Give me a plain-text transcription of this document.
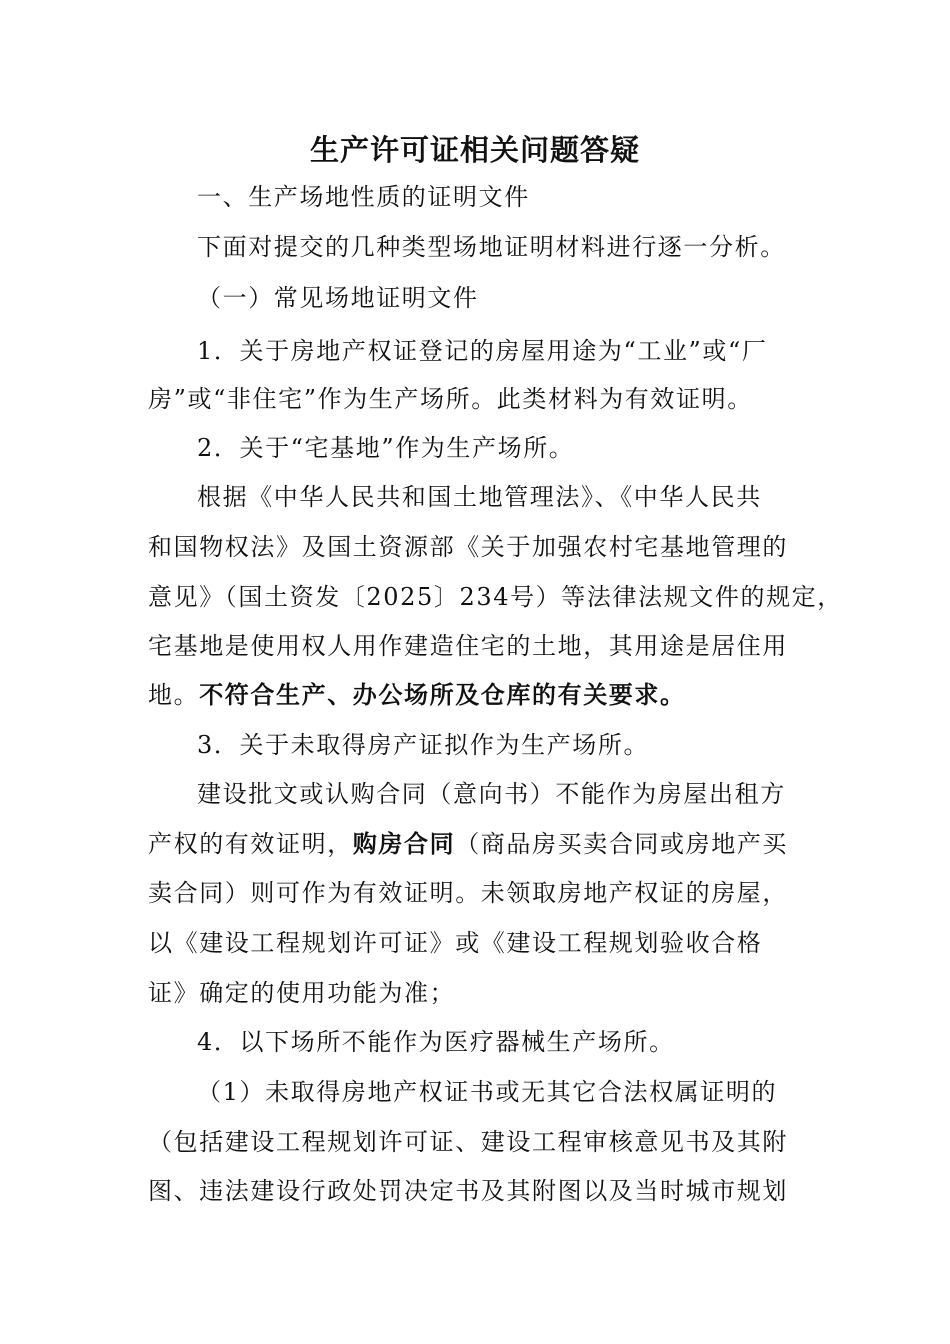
生产许可证相关问题答疑
一、生产场地性质的证明文件
下面对提交的几种类型场地证明材料进行逐一分析。
（一）常见场地证明文件
1．关于房地产权证登记的房屋用途为“工业”或“厂
房”或“非住宅”作为生产场所。此类材料为有效证明。
2．关于“宅基地”作为生产场所。
根据《中华人民共和国土地管理法》、《中华人民共
和国物权法》及国土资源部《关于加强农村宅基地管理的
意见》（国土资发〔2025〕234号）等法律法规文件的规定，
宅基地是使用权人用作建造住宅的土地，其用途是居住用
地。不符合生产、办公场所及仓库的有关要求。
3．关于未取得房产证拟作为生产场所。
建设批文或认购合同（意向书）不能作为房屋出租方
产权的有效证明，购房合同（商品房买卖合同或房地产买
卖合同）则可作为有效证明。未领取房地产权证的房屋，
以《建设工程规划许可证》或《建设工程规划验收合格
证》确定的使用功能为准；
4．以下场所不能作为医疗器械生产场所。
（1）未取得房地产权证书或无其它合法权属证明的
（包括建设工程规划许可证、建设工程审核意见书及其附
图、违法建设行政处罚决定书及其附图以及当时城市规划
